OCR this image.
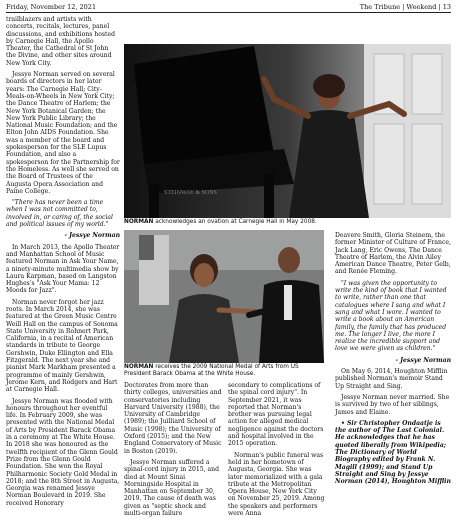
Friday, November 12, 2021	The Tribune | Weekend | 13

trailblazers and artists with concerts, recitals, lectures, panel discussions, and exhibitions hosted by Carnegie Hall, the Apollo Theater, the Cathedral of St John the Divine, and other sites around New York City.

Jessye Norman served on several boards of directors in her later years: The Carnegie Hall; City-Meals-on-Wheels in New York City; the Dance Theatre of Harlem; the New York Botanical Garden; the New York Public Library; the National Music Foundation; and the Elton John AIDS Foundation. She was a member of the board and spokesperson for the SLE Lupus Foundation, and also a spokesperson for the Partnership for the Homeless. As well she served on the Board of Trustees of the Augusta Opera Association and Paine College.

"There has never been a time when I was not committed to, involved in, or caring of, the social and political issues of my world."

- Jessye Norman

In March 2013, the Apollo Theater and Manhattan School of Music featured Norman in Ask Your Name, a ninety-minute multimedia show by Laura Karpman, based on Langston Hughes's "Ask Your Mama: 12 Moods for Jazz".

Norman never forgot her jazz roots. In March 2014, she was featured at the Green Music Centre Weill Hall on the campus of Sonoma State University in Rohnert Park, California, in a recital of American standards in tribute to George Gershwin, Duke Ellington and Ella Fitzgerald. The next year she and pianist Mark Markham presented a programme of mainly Gershwin, Jerome Kern, and Rodgers and Hart at Carnegie Hall.

Jessye Norman was flooded with honours throughout her eventful life. In February 2009, she was presented with the National Medal of Arts by President Barack Obama in a ceremony at The White House. In 2018 she was honoured as the twelfth recipient of the Glenn Gould Prize from the Glenn Gould Foundation. She won the Royal Philharmonic Society Gold Medal in 2018; and the 8th Street in Augusta, Georgia was renamed Jessye Norman Boulevard in 2019. She received Honorary

STEINWAY & SONS
NORMAN acknowledges an ovation at Carnegie Hall in May 2008.
NORMAN receives the 2009 National Medal of Arts from US President Barack Obama at the White House.

Doctorates from more than thirty colleges, universities and conservatories including Harvard University (1988), the University of Cambridge (1989); the Juilliard School of Music (1998); the University of Oxford (2015); and the New England Conservatory of Music in Boston (2019).

Jessye Norman suffered a spinal-cord injury in 2015, and died at Mount Sinai Morningside Hospital in Manhattan on September 30, 2019. The cause of death was given as "septic shock and multi-organ failure

secondary to complications of the spinal cord injury". In September 2021, it was reported that Norman's brother was pursuing legal action for alleged medical negligence against the doctors and hospital involved in the 2015 operation.

Norman's public funeral was held in her hometown of Augusta, Georgia. She was later memorialized with a gala tribute at the Metropolitan Opera House, New York City on November 25, 2019. Among the speakers and performers were Anna

Deavere Smith, Gloria Steinem, the former Minister of Culture of France, Jack Lang, Eric Owens, The Dance Theatre of Harlem, the Alvin Ailey American Dance Theatre, Peter Gelb, and Renée Fleming.

"I was given the opportunity to write the kind of book that I wanted to write, rather than one that catalogues where I sang and what I sang and what I wore. I wanted to write a book about an American family, the family that has produced me. The longer I live, the more I realize the incredible support and love we were given as children."

- Jessye Norman

On May 6, 2014, Houghton Mifflin published Norman's memoir Stand Up Straight and Sing.

Jessye Norman never married. She is survived by two of her siblings, James and Elaine.

• Sir Christopher Ondaatje is the author of The Last Colonial. He acknowledges that he has quoted liberally from Wikipedia; The Dictionary of World Biography edited by Frank N. Magill (1999); and Stand Up Straight and Sing by Jessye Norman (2014), Houghton Mifflin
